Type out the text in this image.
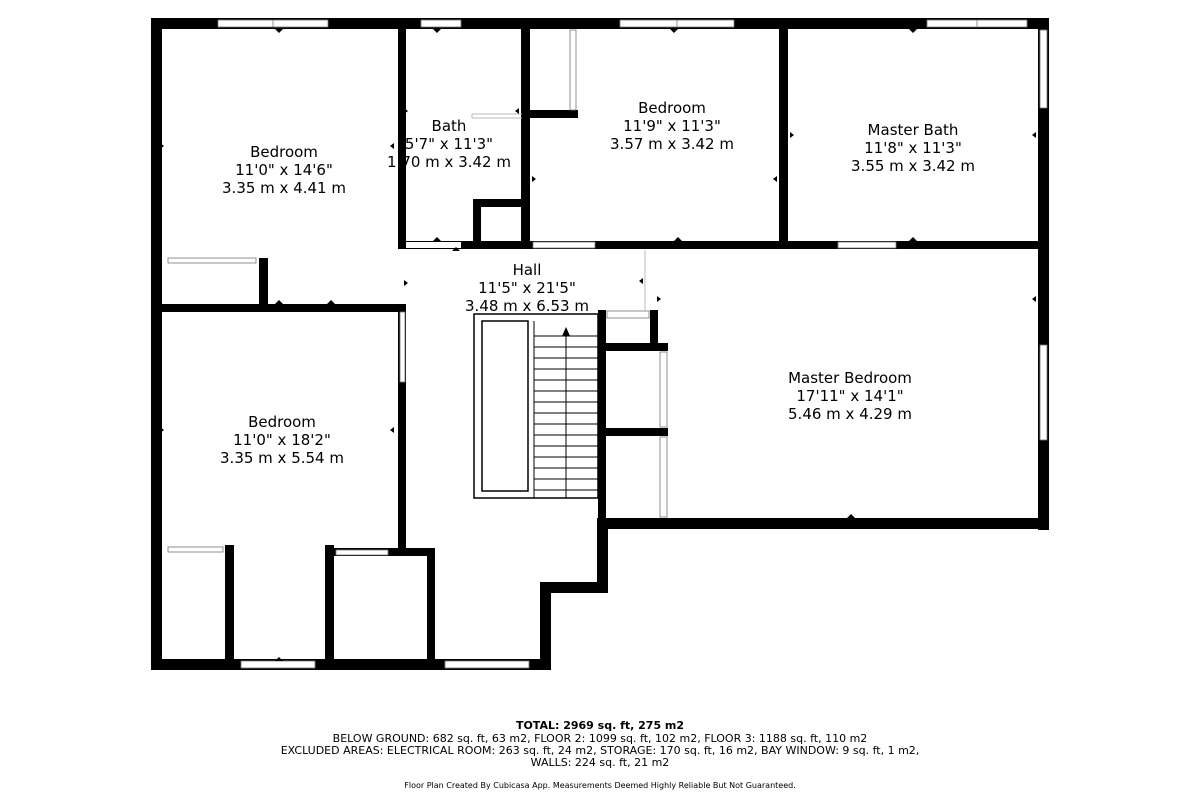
Bedroom
11'0" x 14'6"
3.35 m x 4.41 m
Bath
5'7" x 11'3"
1.70 m x 3.42 m
Bedroom
11'9" x 11'3"
3.57 m x 3.42 m
Master Bath
11'8" x 11'3"
3.55 m x 3.42 m
Hall
11'5" x 21'5"
3.48 m x 6.53 m
Master Bedroom
17'11" x 14'1"
5.46 m x 4.29 m
Bedroom
11'0" x 18'2"
3.35 m x 5.54 m
TOTAL: 2969 sq. ft, 275 m2
BELOW GROUND: 682 sq. ft, 63 m2, FLOOR 2: 1099 sq. ft, 102 m2, FLOOR 3: 1188 sq. ft, 110 m2
EXCLUDED AREAS: ELECTRICAL ROOM: 263 sq. ft, 24 m2, STORAGE: 170 sq. ft, 16 m2, BAY WINDOW: 9 sq. ft, 1 m2,
WALLS: 224 sq. ft, 21 m2
Floor Plan Created By Cubicasa App. Measurements Deemed Highly Reliable But Not Guaranteed.
